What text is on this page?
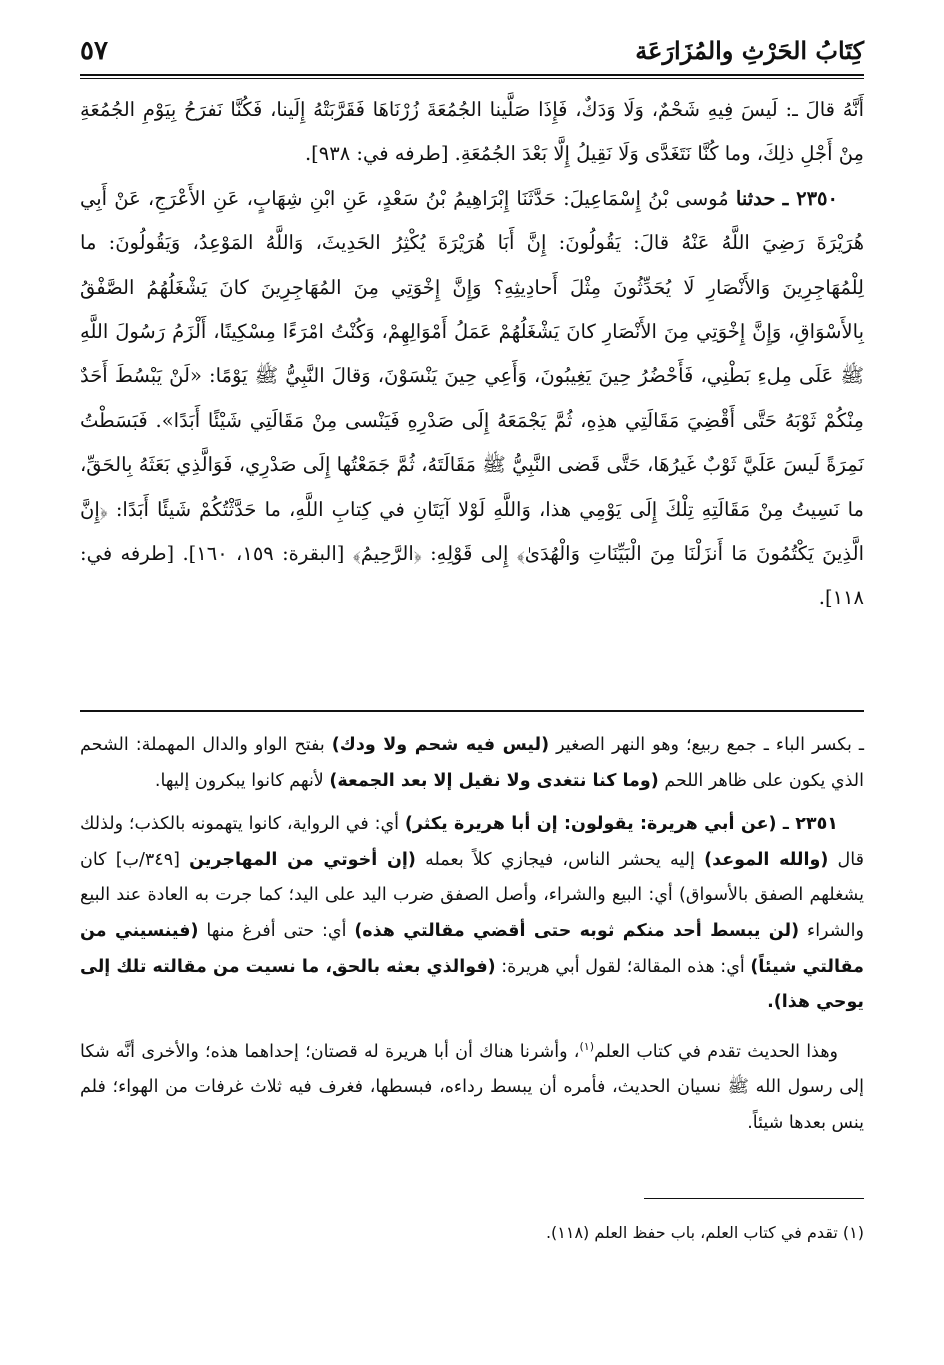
٥٧	كِتَابُ الحَرْثِ والمُزَارَعَة

أَنَّهُ قالَ ـ: لَيسَ فِيهِ شَحْمٌ، وَلَا وَدَكٌ، فَإِذَا صَلَّينا الجُمُعَةَ زُرْنَاهَا فَقَرَّبَتْهُ إِلَينا، فَكُنَّا نَفرَحُ بِيَوْمِ الجُمُعَةِ مِنْ أَجْلِ ذلِكَ، وما كُنَّا نَتَغَدَّى وَلَا نَقِيلُ إِلَّا بَعْدَ الجُمُعَةِ. [طرفه في: ٩٣٨].

٢٣٥٠ ـ حدثنا مُوسى بْنُ إِسْمَاعِيلَ: حَدَّثَنَا إِبْرَاهِيمُ بْنُ سَعْدٍ، عَنِ ابْنِ شِهَابٍ، عَنِ الأَعْرَجِ، عَنْ أَبِي هُرَيْرَةَ رَضِيَ اللَّهُ عَنْهُ قالَ: يَقُولُونَ: إِنَّ أَبَا هُرَيْرَةَ يُكْثِرُ الحَدِيثَ، وَاللَّهُ المَوْعِدُ، وَيَقُولُونَ: ما لِلْمُهَاجِرِينَ وَالأَنْصَارِ لَا يُحَدِّثُونَ مِثْلَ أَحادِيثِهِ؟ وَإِنَّ إِخْوَتِي مِنَ المُهَاجِرِينَ كانَ يَشْغَلُهُمُ الصَّفْقُ بِالأَسْوَاقِ، وَإِنَّ إِخْوَتِي مِنَ الأَنْصَارِ كانَ يَشْغَلُهُمْ عَمَلُ أَمْوَالِهِمْ، وَكُنْتُ امْرَءًا مِسْكِينًا، أَلْزَمُ رَسُولَ اللَّهِ ﷺ عَلَى مِلءِ بَطْنِي، فَأَحْضُرُ حِينَ يَغِيبُونَ، وَأَعِي حِينَ يَنْسَوْنَ، وَقالَ النَّبِيُّ ﷺ يَوْمًا: «لَنْ يَبْسُطَ أَحَدٌ مِنْكُمْ ثَوْبَهُ حَتَّى أَقْضِيَ مَقَالَتِي هذِهِ، ثُمَّ يَجْمَعَهُ إِلَى صَدْرِهِ فَيَنْسى مِنْ مَقَالَتِي شَيْئًا أَبَدًا». فَبَسَطْتُ نَمِرَةً لَيسَ عَلَيَّ ثَوْبٌ غَيرُهَا، حَتَّى قَضى النَّبِيُّ ﷺ مَقَالَتَهُ، ثُمَّ جَمَعْتُها إِلَى صَدْرِي، فَوَالَّذِي بَعَثَهُ بِالحَقِّ، ما نَسِيتُ مِنْ مَقَالَتِهِ تِلْكَ إِلَى يَوْمِي هذا، وَاللَّهِ لَوْلا آيَتَانِ في كِتابِ اللَّهِ، ما حَدَّثْتُكُمْ شَيئًا أَبَدًا: ﴿إِنَّ الَّذِينَ يَكْتُمُونَ مَا أَنزَلْنَا مِنَ الْبَيِّنَاتِ وَالْهُدَىٰ﴾ إِلى قَوْلِهِ: ﴿الرَّحِيمُ﴾ [البقرة: ١٥٩، ١٦٠]. [طرفه في: ١١٨].

ـ بكسر الباء ـ جمع ربيع؛ وهو النهر الصغير (ليس فيه شحم ولا ودك) بفتح الواو والدال المهملة: الشحم الذي يكون على ظاهر اللحم (وما كنا نتغدى ولا نقيل إلا بعد الجمعة) لأنهم كانوا يبكرون إليها.

٢٣٥١ ـ (عن أبي هريرة: يقولون: إن أبا هريرة يكثر) أي: في الرواية، كانوا يتهمونه بالكذب؛ ولذلك قال (والله الموعد) إليه يحشر الناس، فيجازي كلاً بعمله (إن أخوتي من المهاجرين [٣٤٩/ب] كان يشغلهم الصفق بالأسواق) أي: البيع والشراء، وأصل الصفق ضرب اليد على اليد؛ كما جرت به العادة عند البيع والشراء (لن يبسط أحد منكم ثوبه حتى أقضي مقالتي هذه) أي: حتى أفرغ منها (فينسيني من مقالتي شيئاً) أي: هذه المقالة؛ لقول أبي هريرة: (فوالذي بعثه بالحق، ما نسيت من مقالته تلك إلى يوحي هذا).

وهذا الحديث تقدم في كتاب العلم$^{(١)}$، وأشرنا هناك أن أبا هريرة له قصتان؛ إحداهما هذه؛ والأخرى أنَّه شكا إلى رسول الله ﷺ نسيان الحديث، فأمره أن يبسط رداءه، فبسطها، فغرف فيه ثلاث غرفات من الهواء؛ فلم ينس بعدها شيئاً.

(١) تقدم في كتاب العلم، باب حفظ العلم (١١٨).
